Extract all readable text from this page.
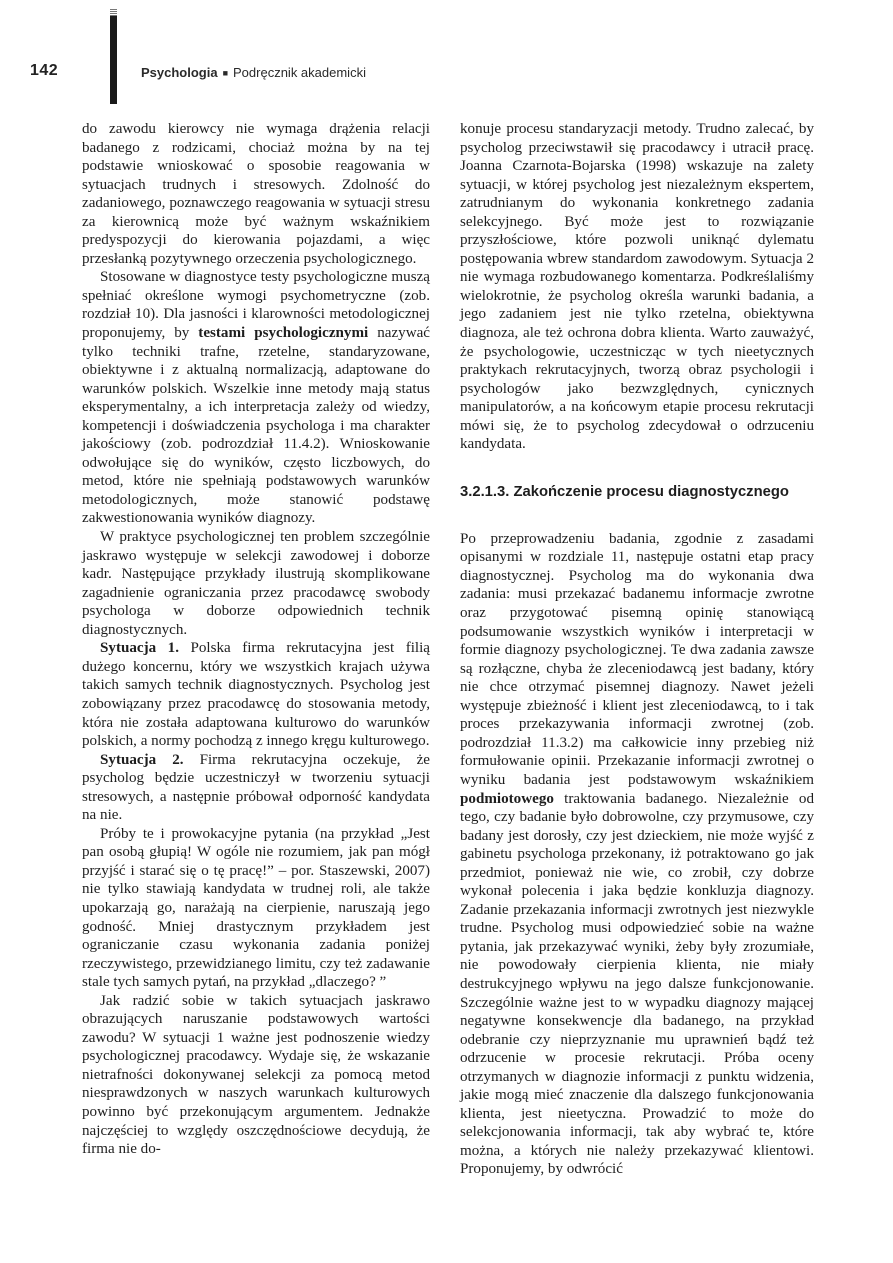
142	Psychologia ■ Podręcznik akademicki

do zawodu kierowcy nie wymaga drążenia relacji badanego z rodzicami, chociaż można by na tej podstawie wnioskować o sposobie reagowania w sytuacjach trudnych i stresowych. Zdolność do zadaniowego, poznawczego reagowania w sytuacji stresu za kierownicą może być ważnym wskaźnikiem predyspozycji do kierowania pojazdami, a więc przesłanką pozytywnego orzeczenia psychologicznego.

Stosowane w diagnostyce testy psychologiczne muszą spełniać określone wymogi psychometryczne (zob. rozdział 10). Dla jasności i klarowności metodologicznej proponujemy, by testami psychologicznymi nazywać tylko techniki trafne, rzetelne, standaryzowane, obiektywne i z aktualną normalizacją, adaptowane do warunków polskich. Wszelkie inne metody mają status eksperymentalny, a ich interpretacja zależy od wiedzy, kompetencji i doświadczenia psychologa i ma charakter jakościowy (zob. podrozdział 11.4.2). Wnioskowanie odwołujące się do wyników, często liczbowych, do metod, które nie spełniają podstawowych warunków metodologicznych, może stanowić podstawę zakwestionowania wyników diagnozy.

W praktyce psychologicznej ten problem szczególnie jaskrawo występuje w selekcji zawodowej i doborze kadr. Następujące przykłady ilustrują skomplikowane zagadnienie ograniczania przez pracodawcę swobody psychologa w doborze odpowiednich technik diagnostycznych.

Sytuacja 1. Polska firma rekrutacyjna jest filią dużego koncernu, który we wszystkich krajach używa takich samych technik diagnostycznych. Psycholog jest zobowiązany przez pracodawcę do stosowania metody, która nie została adaptowana kulturowo do warunków polskich, a normy pochodzą z innego kręgu kulturowego.

Sytuacja 2. Firma rekrutacyjna oczekuje, że psycholog będzie uczestniczył w tworzeniu sytuacji stresowych, a następnie próbował odporność kandydata na nie.

Próby te i prowokacyjne pytania (na przykład „Jest pan osobą głupią! W ogóle nie rozumiem, jak pan mógł przyjść i starać się o tę pracę!” – por. Staszewski, 2007) nie tylko stawiają kandydata w trudnej roli, ale także upokarzają go, narażają na cierpienie, naruszają jego godność. Mniej drastycznym przykładem jest ograniczanie czasu wykonania zadania poniżej rzeczywistego, przewidzianego limitu, czy też zadawanie stale tych samych pytań, na przykład „dlaczego? ”

Jak radzić sobie w takich sytuacjach jaskrawo obrazujących naruszanie podstawowych wartości zawodu? W sytuacji 1 ważne jest podnoszenie wiedzy psychologicznej pracodawcy. Wydaje się, że wskazanie nietrafności dokonywanej selekcji za pomocą metod niesprawdzonych w naszych warunkach kulturowych powinno być przekonującym argumentem. Jednakże najczęściej to względy oszczędnościowe decydują, że firma nie do-

konuje procesu standaryzacji metody. Trudno zalecać, by psycholog przeciwstawił się pracodawcy i utracił pracę. Joanna Czarnota-Bojarska (1998) wskazuje na zalety sytuacji, w której psycholog jest niezależnym ekspertem, zatrudnianym do wykonania konkretnego zadania selekcyjnego. Być może jest to rozwiązanie przyszłościowe, które pozwoli uniknąć dylematu postępowania wbrew standardom zawodowym. Sytuacja 2 nie wymaga rozbudowanego komentarza. Podkreślaliśmy wielokrotnie, że psycholog określa warunki badania, a jego zadaniem jest nie tylko rzetelna, obiektywna diagnoza, ale też ochrona dobra klienta. Warto zauważyć, że psychologowie, uczestnicząc w tych nieetycznych praktykach rekrutacyjnych, tworzą obraz psychologii i psychologów jako bezwzględnych, cynicznych manipulatorów, a na końcowym etapie procesu rekrutacji mówi się, że to psycholog zdecydował o odrzuceniu kandydata.

3.2.1.3. Zakończenie procesu diagnostycznego

Po przeprowadzeniu badania, zgodnie z zasadami opisanymi w rozdziale 11, następuje ostatni etap pracy diagnostycznej. Psycholog ma do wykonania dwa zadania: musi przekazać badanemu informacje zwrotne oraz przygotować pisemną opinię stanowiącą podsumowanie wszystkich wyników i interpretacji w formie diagnozy psychologicznej. Te dwa zadania zawsze są rozłączne, chyba że zleceniodawcą jest badany, który nie chce otrzymać pisemnej diagnozy. Nawet jeżeli występuje zbieżność i klient jest zleceniodawcą, to i tak proces przekazywania informacji zwrotnej (zob. podrozdział 11.3.2) ma całkowicie inny przebieg niż formułowanie opinii. Przekazanie informacji zwrotnej o wyniku badania jest podstawowym wskaźnikiem podmiotowego traktowania badanego. Niezależnie od tego, czy badanie było dobrowolne, czy przymusowe, czy badany jest dorosły, czy jest dzieckiem, nie może wyjść z gabinetu psychologa przekonany, iż potraktowano go jak przedmiot, ponieważ nie wie, co zrobił, czy dobrze wykonał polecenia i jaka będzie konkluzja diagnozy. Zadanie przekazania informacji zwrotnych jest niezwykle trudne. Psycholog musi odpowiedzieć sobie na ważne pytania, jak przekazywać wyniki, żeby były zrozumiałe, nie powodowały cierpienia klienta, nie miały destrukcyjnego wpływu na jego dalsze funkcjonowanie. Szczególnie ważne jest to w wypadku diagnozy mającej negatywne konsekwencje dla badanego, na przykład odebranie czy nieprzyznanie mu uprawnień bądź też odrzucenie w procesie rekrutacji. Próba oceny otrzymanych w diagnozie informacji z punktu widzenia, jakie mogą mieć znaczenie dla dalszego funkcjonowania klienta, jest nieetyczna. Prowadzić to może do selekcjonowania informacji, tak aby wybrać te, które można, a których nie należy przekazywać klientowi. Proponujemy, by odwrócić
